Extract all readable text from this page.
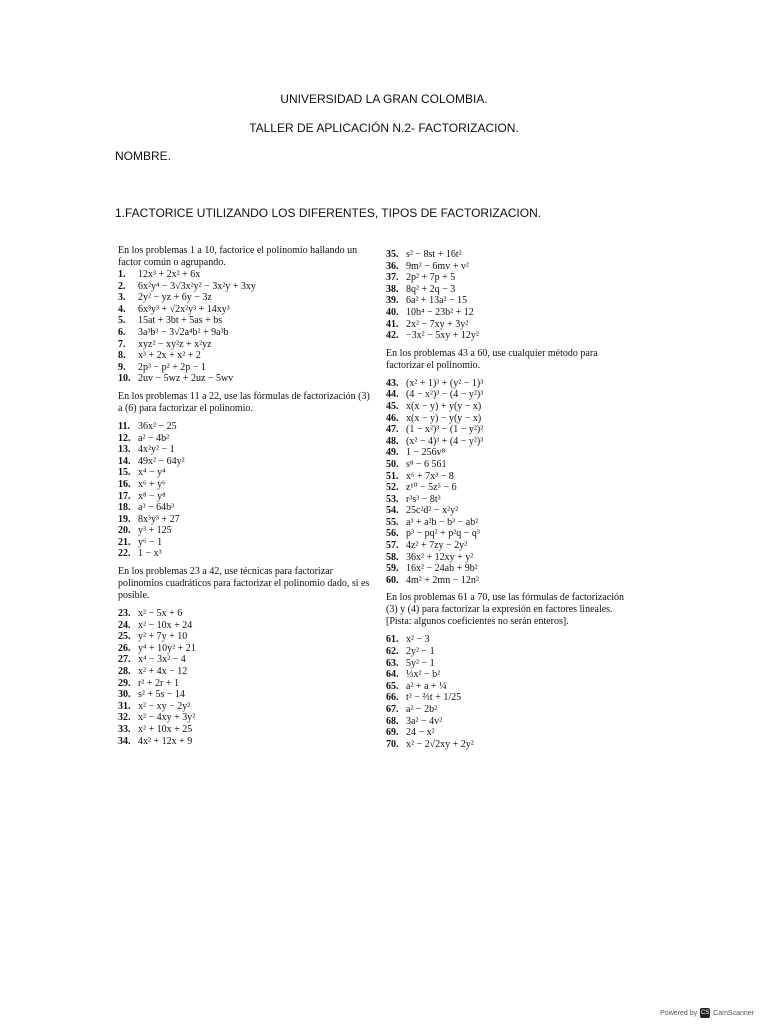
UNIVERSIDAD LA GRAN COLOMBIA.
TALLER DE APLICACIÓN N.2- FACTORIZACION.
NOMBRE.
1.FACTORICE UTILIZANDO LOS DIFERENTES, TIPOS DE FACTORIZACION.
En los problemas 1 a 10, factorice el polinomio hallando un factor común o agrupando.
1. 12x³ + 2x² + 6x
2. 6x²y⁴ − 3√3x²y² − 3x²y + 3xy
3. 2y² − yz + 6y − 3z
4. 6x³y³ + √2x²y³ + 14xy³
5. 15at + 3bt + 5as + bs
6. 3a³b³ − 3√2a⁴b² + 9a³b
7. xyz² − xy²z + x²yz
8. x³ + 2x + x² + 2
9. 2p³ − p² + 2p − 1
10. 2uv − 5wz + 2uz − 5wv
En los problemas 11 a 22, use las fórmulas de factorización (3) a (6) para factorizar el polinomio.
11. 36x² − 25
12. a² − 4b²
13. 4x²y² − 1
14. 49x² − 64y²
15. x⁴ − y⁴
16. x⁶ + y⁶
17. x⁸ − y⁸
18. a³ − 64b³
19. 8x³y³ + 27
20. y³ + 125
21. y⁶ − 1
22. 1 − x³
En los problemas 23 a 42, use técnicas para factorizar polinomios cuadráticos para factorizar el polinomio dado, si es posible.
23. x² − 5x + 6
24. x² − 10x + 24
25. y² + 7y + 10
26. y⁴ + 10y² + 21
27. x⁴ − 3x² − 4
28. x² + 4x − 12
29. r² + 2r + 1
30. s² + 5s − 14
31. x² − xy − 2y²
32. x² − 4xy + 3y²
33. x² + 10x + 25
34. 4x² + 12x + 9
35. s² − 8st + 16t²
36. 9m² − 6mv + v²
37. 2p² + 7p + 5
38. 8q² + 2q − 3
39. 6a² + 13a² − 15
40. 10b⁴ − 23b² + 12
41. 2x² − 7xy + 3y²
42. −3x² − 5xy + 12y²
En los problemas 43 a 60, use cualquier método para factorizar el polinomio.
43. (x² + 1)³ + (y² − 1)³
44. (4 − x²)³ − (4 − y²)³
45. x(x − y) + y(y − x)
46. x(x − y) − y(y − x)
47. (1 − x²)³ − (1 − y²)²
48. (x² − 4)³ + (4 − y²)³
49. 1 − 256v⁸
50. s⁸ − 6 561
51. x⁶ + 7x³ − 8
52. z¹⁰ − 5z⁵ − 6
53. r³s³ − 8t³
54. 25c²d² − x²y²
55. a³ + a²b − b³ − ab²
56. p³ − pq² + p²q − q³
57. 4z² + 7zy − 2y²
58. 36x² + 12xy + y²
59. 16x² − 24ab + 9b²
60. 4m² + 2mn − 12n²
En los problemas 61 a 70, use las fórmulas de factorización (3) y (4) para factorizar la expresión en factores lineales. [Pista: algunos coeficientes no serán enteros].
61. x² − 3
62. 2y² − 1
63. 5y² − 1
64. ⅓x² − b²
65. a² + a + ¼
66. t² − ⅔t + 1/25
67. a² − 2b²
68. 3a² − 4v²
69. 24 − x²
70. x² − 2√2xy + 2y²
Powered by CS CamScanner
